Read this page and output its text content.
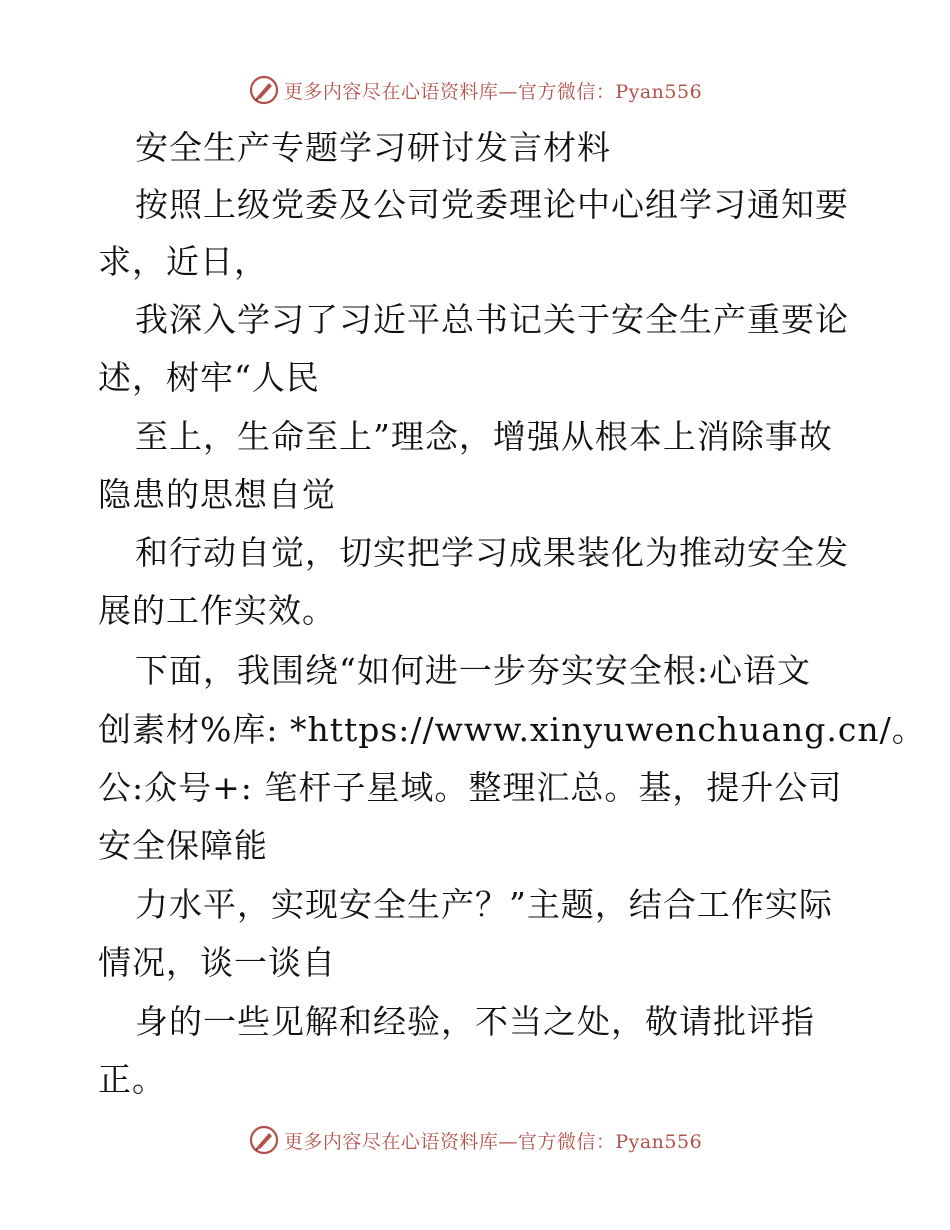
更多内容尽在心语资料库—官方微信：Pyan556
安全生产专题学习研讨发言材料
按照上级党委及公司党委理论中心组学习通知要
求，近日，
我深入学习了习近平总书记关于安全生产重要论
述，树牢“人民
至上，生命至上”理念，增强从根本上消除事故
隐患的思想自觉
和行动自觉，切实把学习成果装化为推动安全发
展的工作实效。
下面，我围绕“如何进一步夯实安全根:心语文
创素材%库: *https://www.xinyuwenchuang.cn/。
公:众号+: 笔杆子星域。整理汇总。基，提升公司
安全保障能
力水平，实现安全生产？”主题，结合工作实际
情况，谈一谈自
身的一些见解和经验，不当之处，敬请批评指
正。
更多内容尽在心语资料库—官方微信：Pyan556
